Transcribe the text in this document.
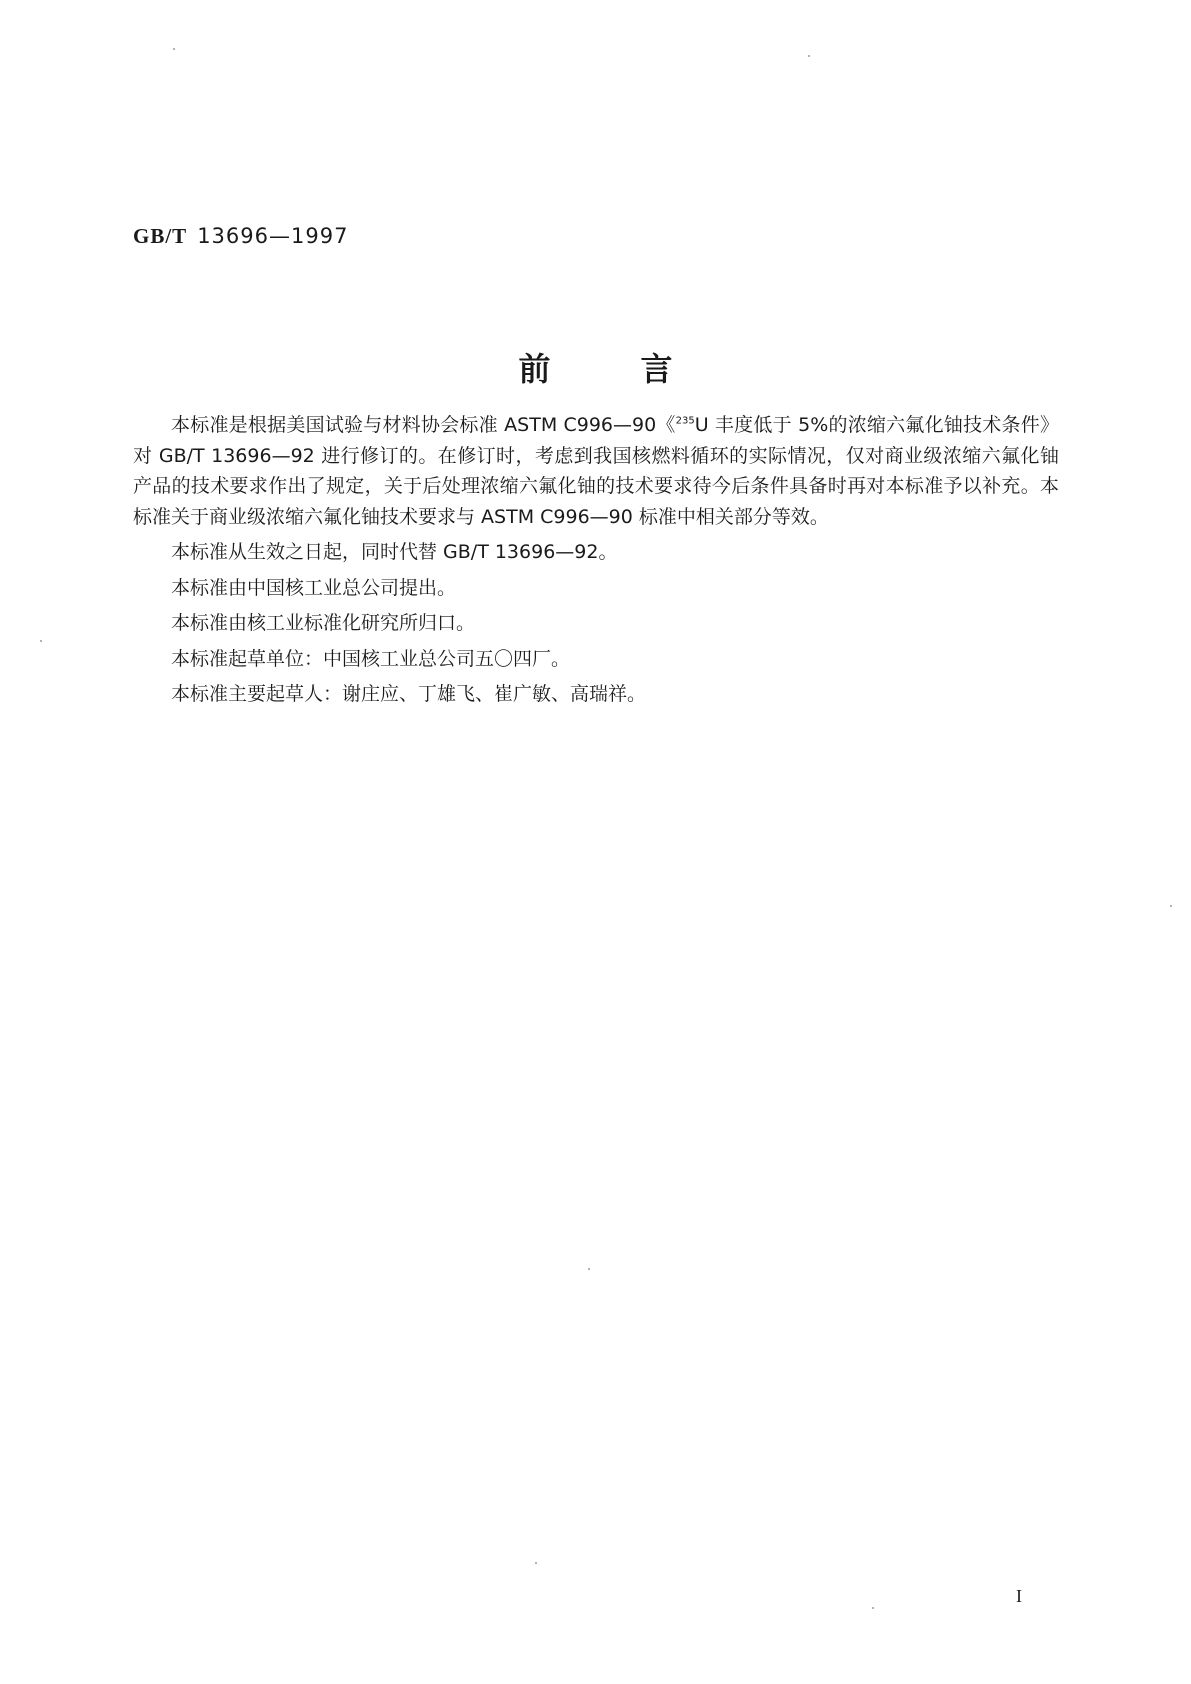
GB/T 13696—1997
前	言

本标准是根据美国试验与材料协会标准 ASTM C996—90《$^{235}$U 丰度低于 5%的浓缩六氟化铀技术条件》对 GB/T 13696—92 进行修订的。在修订时，考虑到我国核燃料循环的实际情况，仅对商业级浓缩六氟化铀产品的技术要求作出了规定，关于后处理浓缩六氟化铀的技术要求待今后条件具备时再对本标准予以补充。本标准关于商业级浓缩六氟化铀技术要求与 ASTM C996—90 标准中相关部分等效。

本标准从生效之日起，同时代替 GB/T 13696—92。

本标准由中国核工业总公司提出。

本标准由核工业标准化研究所归口。

本标准起草单位：中国核工业总公司五〇四厂。

本标准主要起草人：谢庄应、丁雄飞、崔广敏、高瑞祥。

I
